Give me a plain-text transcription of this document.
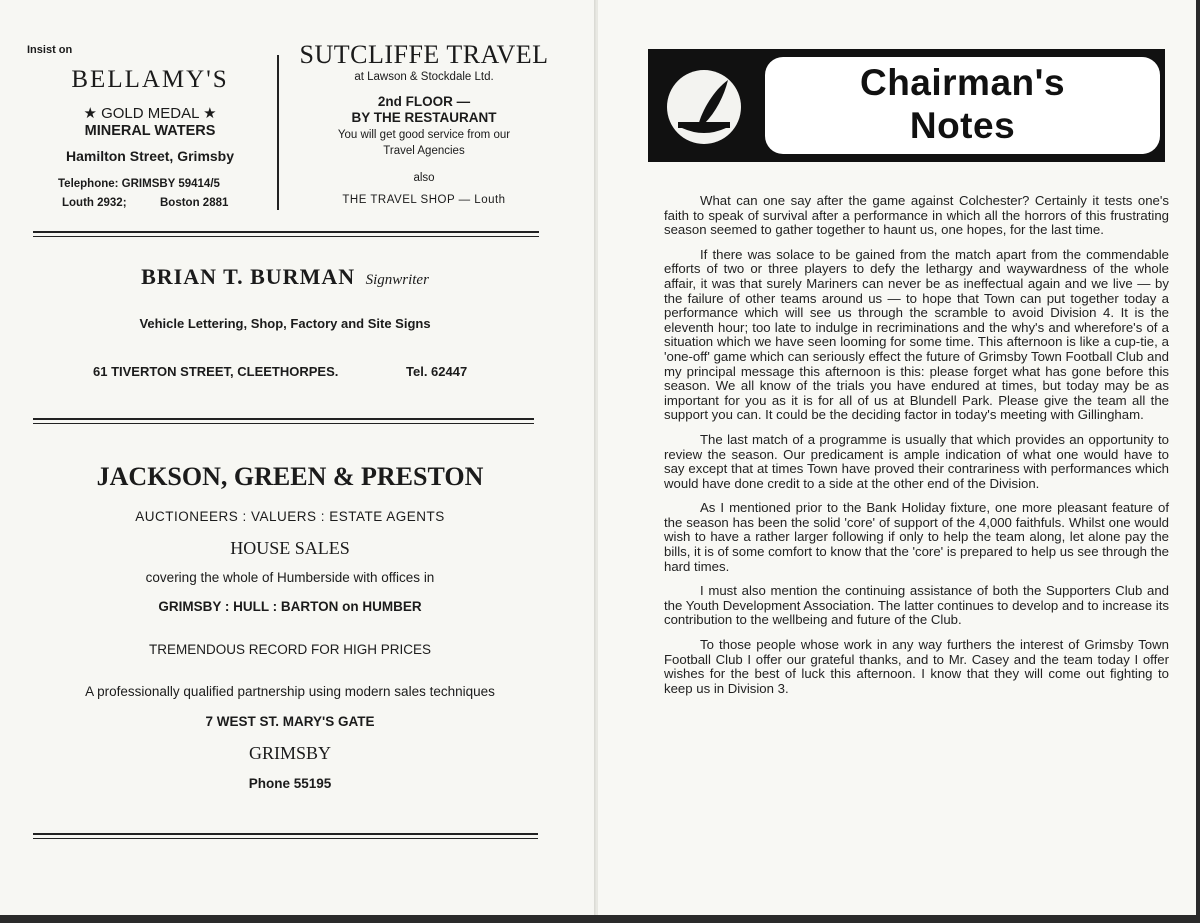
Insist on
BELLAMY'S
★ GOLD MEDAL ★
MINERAL WATERS
Hamilton Street, Grimsby
Telephone: GRIMSBY 59414/5
Louth 2932;	Boston 2881
SUTCLIFFE TRAVEL
at Lawson & Stockdale Ltd.
2nd FLOOR —
BY THE RESTAURANT
You will get good service from our
Travel Agencies
also
THE TRAVEL SHOP — Louth
BRIAN T. BURMAN Signwriter
Vehicle Lettering, Shop, Factory and Site Signs
61 TIVERTON STREET, CLEETHORPES.	Tel. 62447
JACKSON, GREEN & PRESTON
AUCTIONEERS : VALUERS : ESTATE AGENTS
HOUSE SALES
covering the whole of Humberside with offices in
GRIMSBY : HULL : BARTON on HUMBER
TREMENDOUS RECORD FOR HIGH PRICES
A professionally qualified partnership using modern sales techniques
7 WEST ST. MARY'S GATE
GRIMSBY
Phone 55195
Chairman's
Notes

What can one say after the game against Colchester? Certainly it tests one's faith to speak of survival after a performance in which all the horrors of this frustrating season seemed to gather together to haunt us, one hopes, for the last time.

If there was solace to be gained from the match apart from the commendable efforts of two or three players to defy the lethargy and waywardness of the whole affair, it was that surely Mariners can never be as ineffectual again and we live — by the failure of other teams around us — to hope that Town can put together today a performance which will see us through the scramble to avoid Division 4. It is the eleventh hour; too late to indulge in recriminations and the why's and wherefore's of a situation which we have seen looming for some time. This afternoon is like a cup-tie, a 'one-off' game which can seriously effect the future of Grimsby Town Football Club and my principal message this afternoon is this: please forget what has gone before this season. We all know of the trials you have endured at times, but today may be as important for you as it is for all of us at Blundell Park. Please give the team all the support you can. It could be the deciding factor in today's meeting with Gillingham.

The last match of a programme is usually that which provides an opportunity to review the season. Our predicament is ample indication of what one would have to say except that at times Town have proved their contrariness with performances which would have done credit to a side at the other end of the Division.

As I mentioned prior to the Bank Holiday fixture, one more pleasant feature of the season has been the solid 'core' of support of the 4,000 faithfuls. Whilst one would wish to have a rather larger following if only to help the team along, let alone pay the bills, it is of some comfort to know that the 'core' is prepared to help us see through the hard times.

I must also mention the continuing assistance of both the Supporters Club and the Youth Development Association. The latter continues to develop and to increase its contribution to the wellbeing and future of the Club.

To those people whose work in any way furthers the interest of Grimsby Town Football Club I offer our grateful thanks, and to Mr. Casey and the team today I offer wishes for the best of luck this afternoon. I know that they will come out fighting to keep us in Division 3.
